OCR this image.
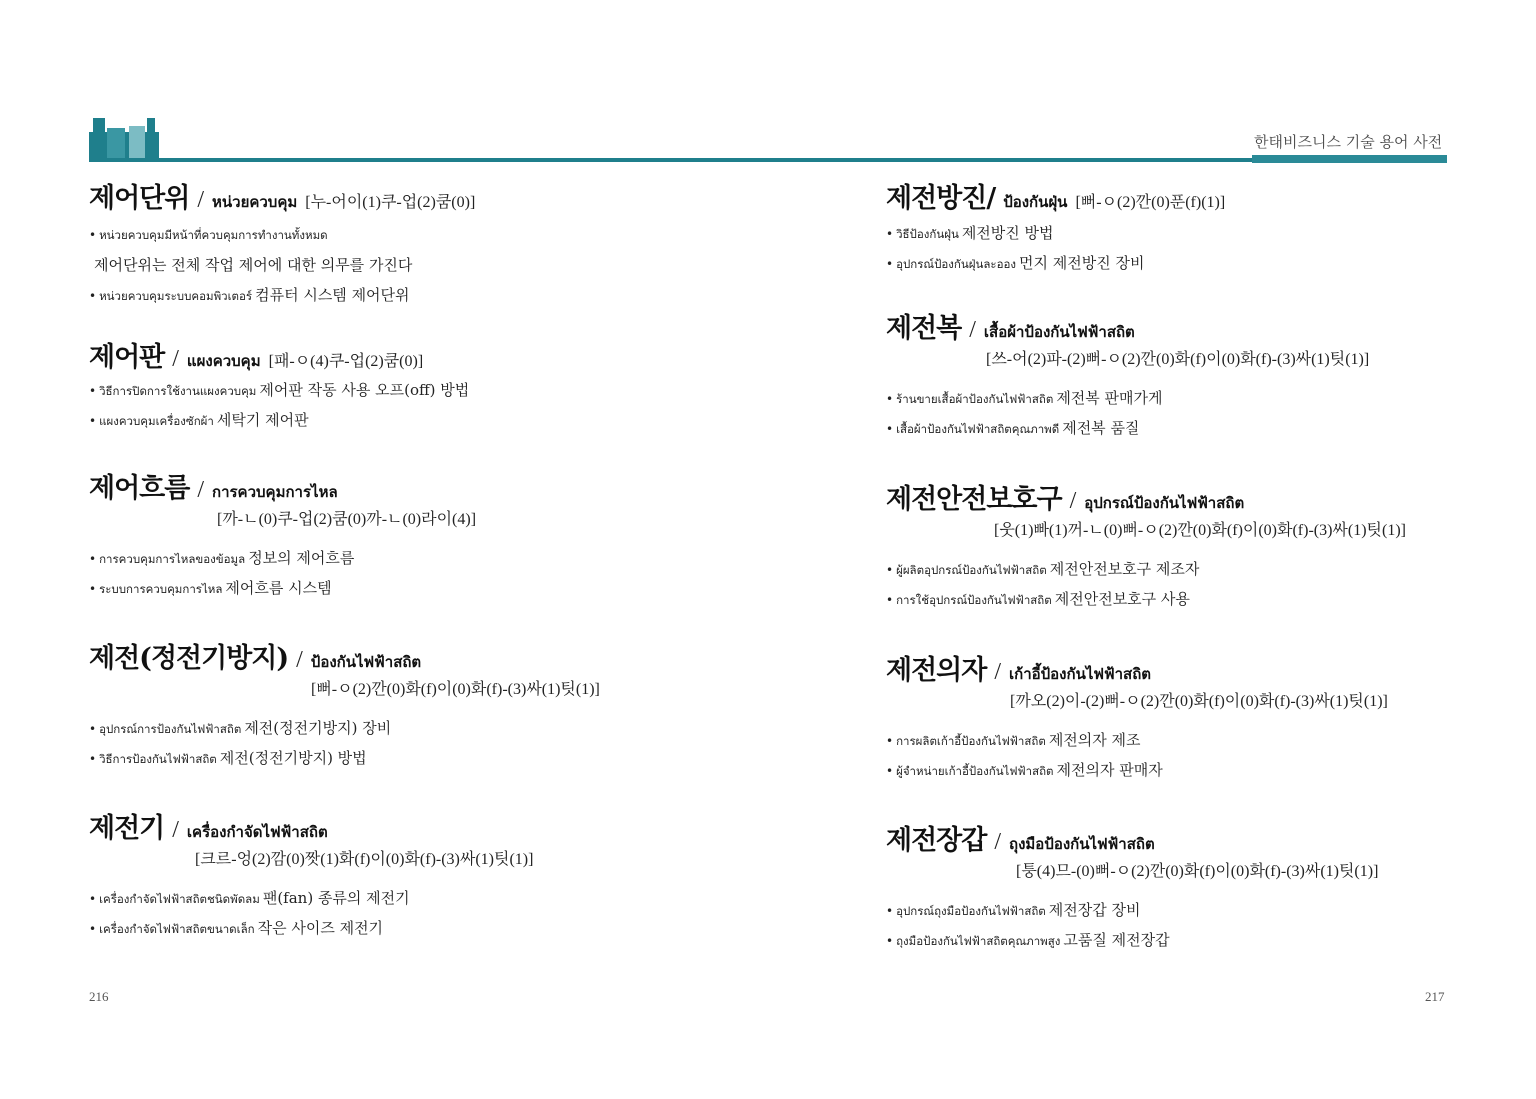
한태비즈니스 기술 용어 사전
제어단위 / หน่วยควบคุม [누-어이(1)쿠-업(2)쿰(0)]
• หน่วยควบคุมมีหน้าที่ควบคุมการทำงานทั้งหมด
제어단위는 전체 작업 제어에 대한 의무를 가진다
• หน่วยควบคุมระบบคอมพิวเตอร์ 컴퓨터 시스템 제어단위
제어판 / แผงควบคุม [패-ㅇ(4)쿠-업(2)쿰(0)]
• วิธีการปิดการใช้งานแผงควบคุม 제어판 작동 사용 오프(off) 방법
• แผงควบคุมเครื่องซักผ้า 세탁기 제어판
제어흐름 / การควบคุมการไหล
[까-ㄴ(0)쿠-업(2)쿰(0)까-ㄴ(0)라이(4)]
• การควบคุมการไหลของข้อมูล 정보의 제어흐름
• ระบบการควบคุมการไหล 제어흐름 시스템
제전(정전기방지) / ป้องกันไฟฟ้าสถิต
[뻐-ㅇ(2)깐(0)화(f)이(0)화(f)-(3)싸(1)팃(1)]
• อุปกรณ์การป้องกันไฟฟ้าสถิต 제전(정전기방지) 장비
• วิธีการป้องกันไฟฟ้าสถิต 제전(정전기방지) 방법
제전기 / เครื่องกำจัดไฟฟ้าสถิต
[크르-엉(2)깜(0)짯(1)화(f)이(0)화(f)-(3)싸(1)팃(1)]
• เครื่องกำจัดไฟฟ้าสถิตชนิดพัดลม 팬(fan) 종류의 제전기
• เครื่องกำจัดไฟฟ้าสถิตขนาดเล็ก 작은 사이즈 제전기
제전방진/ ป้องกันฝุ่น [뻐-ㅇ(2)깐(0)푼(f)(1)]
• วิธีป้องกันฝุ่น 제전방진 방법
• อุปกรณ์ป้องกันฝุ่นละออง 먼지 제전방진 장비
제전복 / เสื้อผ้าป้องกันไฟฟ้าสถิต
[쓰-어(2)파-(2)뻐-ㅇ(2)깐(0)화(f)이(0)화(f)-(3)싸(1)팃(1)]
• ร้านขายเสื้อผ้าป้องกันไฟฟ้าสถิต 제전복 판매가게
• เสื้อผ้าป้องกันไฟฟ้าสถิตคุณภาพดี 제전복 품질
제전안전보호구 / อุปกรณ์ป้องกันไฟฟ้าสถิต
[웃(1)빠(1)꺼-ㄴ(0)뻐-ㅇ(2)깐(0)화(f)이(0)화(f)-(3)싸(1)팃(1)]
• ผู้ผลิตอุปกรณ์ป้องกันไฟฟ้าสถิต 제전안전보호구 제조자
• การใช้อุปกรณ์ป้องกันไฟฟ้าสถิต 제전안전보호구 사용
제전의자 / เก้าอี้ป้องกันไฟฟ้าสถิต
[까오(2)이-(2)뻐-ㅇ(2)깐(0)화(f)이(0)화(f)-(3)싸(1)팃(1)]
• การผลิตเก้าอี้ป้องกันไฟฟ้าสถิต 제전의자 제조
• ผู้จำหน่ายเก้าอี้ป้องกันไฟฟ้าสถิต 제전의자 판매자
제전장갑 / ถุงมือป้องกันไฟฟ้าสถิต
[퉁(4)므-(0)뻐-ㅇ(2)깐(0)화(f)이(0)화(f)-(3)싸(1)팃(1)]
• อุปกรณ์ถุงมือป้องกันไฟฟ้าสถิต 제전장갑 장비
• ถุงมือป้องกันไฟฟ้าสถิตคุณภาพสูง 고품질 제전장갑
216	217
